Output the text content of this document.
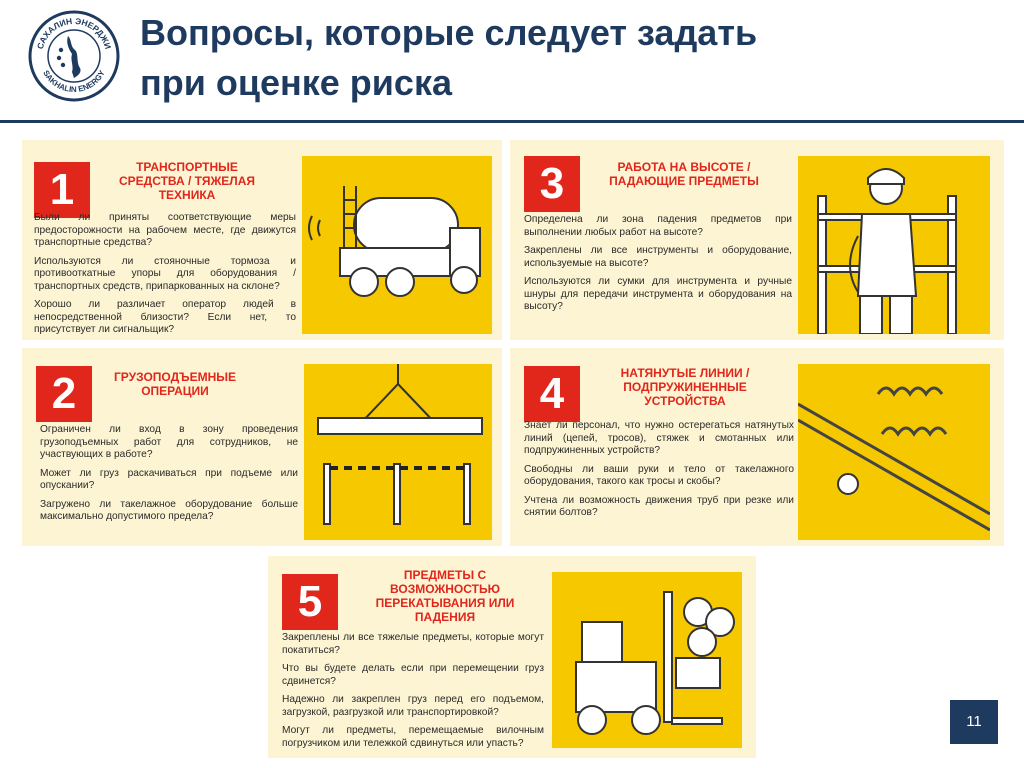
САХАЛИН ЭНЕРДЖИ
SAKHALIN ENERGY
Вопросы, которые следует задать
при оценке риска
1	ТРАНСПОРТНЫЕ СРЕДСТВА / ТЯЖЕЛАЯ ТЕХНИКА

Были ли приняты соответствующие меры предосторожности на рабочем месте, где движутся транспортные средства?

Используются ли стояночные тормоза и противооткатные упоры для оборудования / транспортных средств, припаркованных на склоне?

Хорошо ли различает оператор людей в непосредственной близости? Если нет, то присутствует ли сигнальщик?

3	РАБОТА НА ВЫСОТЕ / ПАДАЮЩИЕ ПРЕДМЕТЫ

Определена ли зона падения предметов при выполнении любых работ на высоте?

Закреплены ли все инструменты и оборудование, используемые на высоте?

Используются ли сумки для инструмента и ручные шнуры для передачи инструмента и оборудования на высоту?

2	ГРУЗОПОДЪЕМНЫЕ ОПЕРАЦИИ

Ограничен ли вход в зону проведения грузоподъемных работ для сотрудников, не участвующих в работе?

Может ли груз раскачиваться при подъеме или опускании?

Загружено ли такелажное оборудование больше максимально допустимого предела?

4	НАТЯНУТЫЕ ЛИНИИ / ПОДПРУЖИНЕННЫЕ УСТРОЙСТВА

Знает ли персонал, что нужно остерегаться натянутых линий (цепей, тросов), стяжек и смотанных или подпружиненных устройств?

Свободны ли ваши руки и тело от такелажного оборудования, такого как тросы и скобы?

Учтена ли возможность движения труб при резке или снятии болтов?

5
ПРЕДМЕТЫ С ВОЗМОЖНОСТЬЮ ПЕРЕКАТЫВАНИЯ ИЛИ ПАДЕНИЯ

Закреплены ли все тяжелые предметы, которые могут покатиться?

Что вы будете делать если при перемещении груз сдвинется?

Надежно ли закреплен груз перед его подъемом, загрузкой, разгрузкой или транспортировкой?

Могут ли предметы, перемещаемые вилочным погрузчиком или тележкой сдвинуться или упасть?

11
